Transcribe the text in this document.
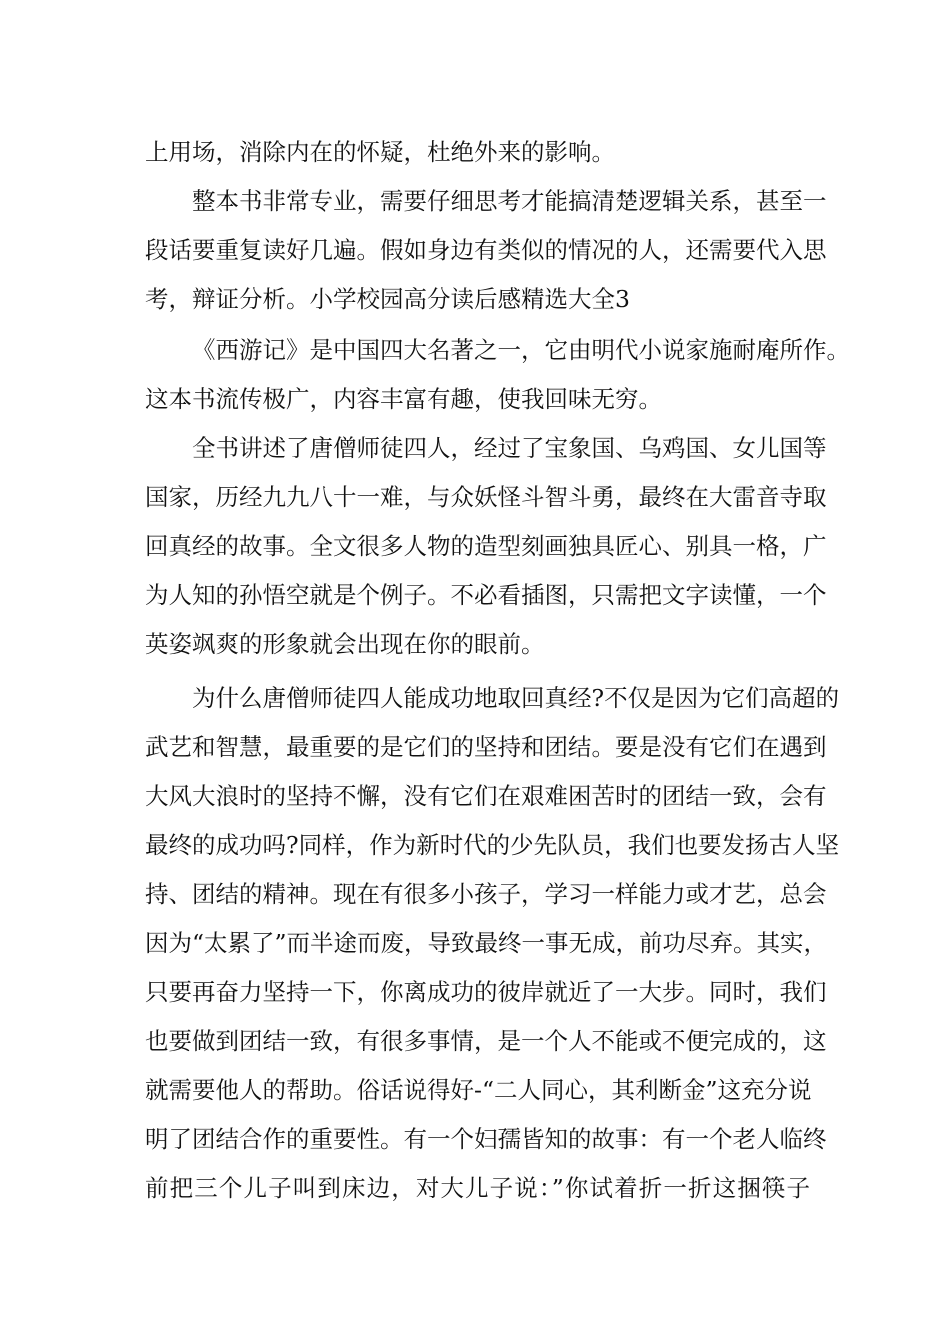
上用场，消除内在的怀疑，杜绝外来的影响。
整本书非常专业，需要仔细思考才能搞清楚逻辑关系，甚至一
段话要重复读好几遍。假如身边有类似的情况的人，还需要代入思
考，辩证分析。小学校园高分读后感精选大全3
《西游记》是中国四大名著之一，它由明代小说家施耐庵所作。
这本书流传极广，内容丰富有趣，使我回味无穷。
全书讲述了唐僧师徒四人，经过了宝象国、乌鸡国、女儿国等
国家，历经九九八十一难，与众妖怪斗智斗勇，最终在大雷音寺取
回真经的故事。全文很多人物的造型刻画独具匠心、别具一格，广
为人知的孙悟空就是个例子。不必看插图，只需把文字读懂，一个
英姿飒爽的形象就会出现在你的眼前。
为什么唐僧师徒四人能成功地取回真经?不仅是因为它们高超的
武艺和智慧，最重要的是它们的坚持和团结。要是没有它们在遇到
大风大浪时的坚持不懈，没有它们在艰难困苦时的团结一致，会有
最终的成功吗?同样，作为新时代的少先队员，我们也要发扬古人坚
持、团结的精神。现在有很多小孩子，学习一样能力或才艺，总会
因为“太累了”而半途而废，导致最终一事无成，前功尽弃。其实，
只要再奋力坚持一下，你离成功的彼岸就近了一大步。同时，我们
也要做到团结一致，有很多事情，是一个人不能或不便完成的，这
就需要他人的帮助。俗话说得好-“二人同心，其利断金”这充分说
明了团结合作的重要性。有一个妇孺皆知的故事：有一个老人临终
前把三个儿子叫到床边，对大儿子说：”你试着折一折这捆筷子
